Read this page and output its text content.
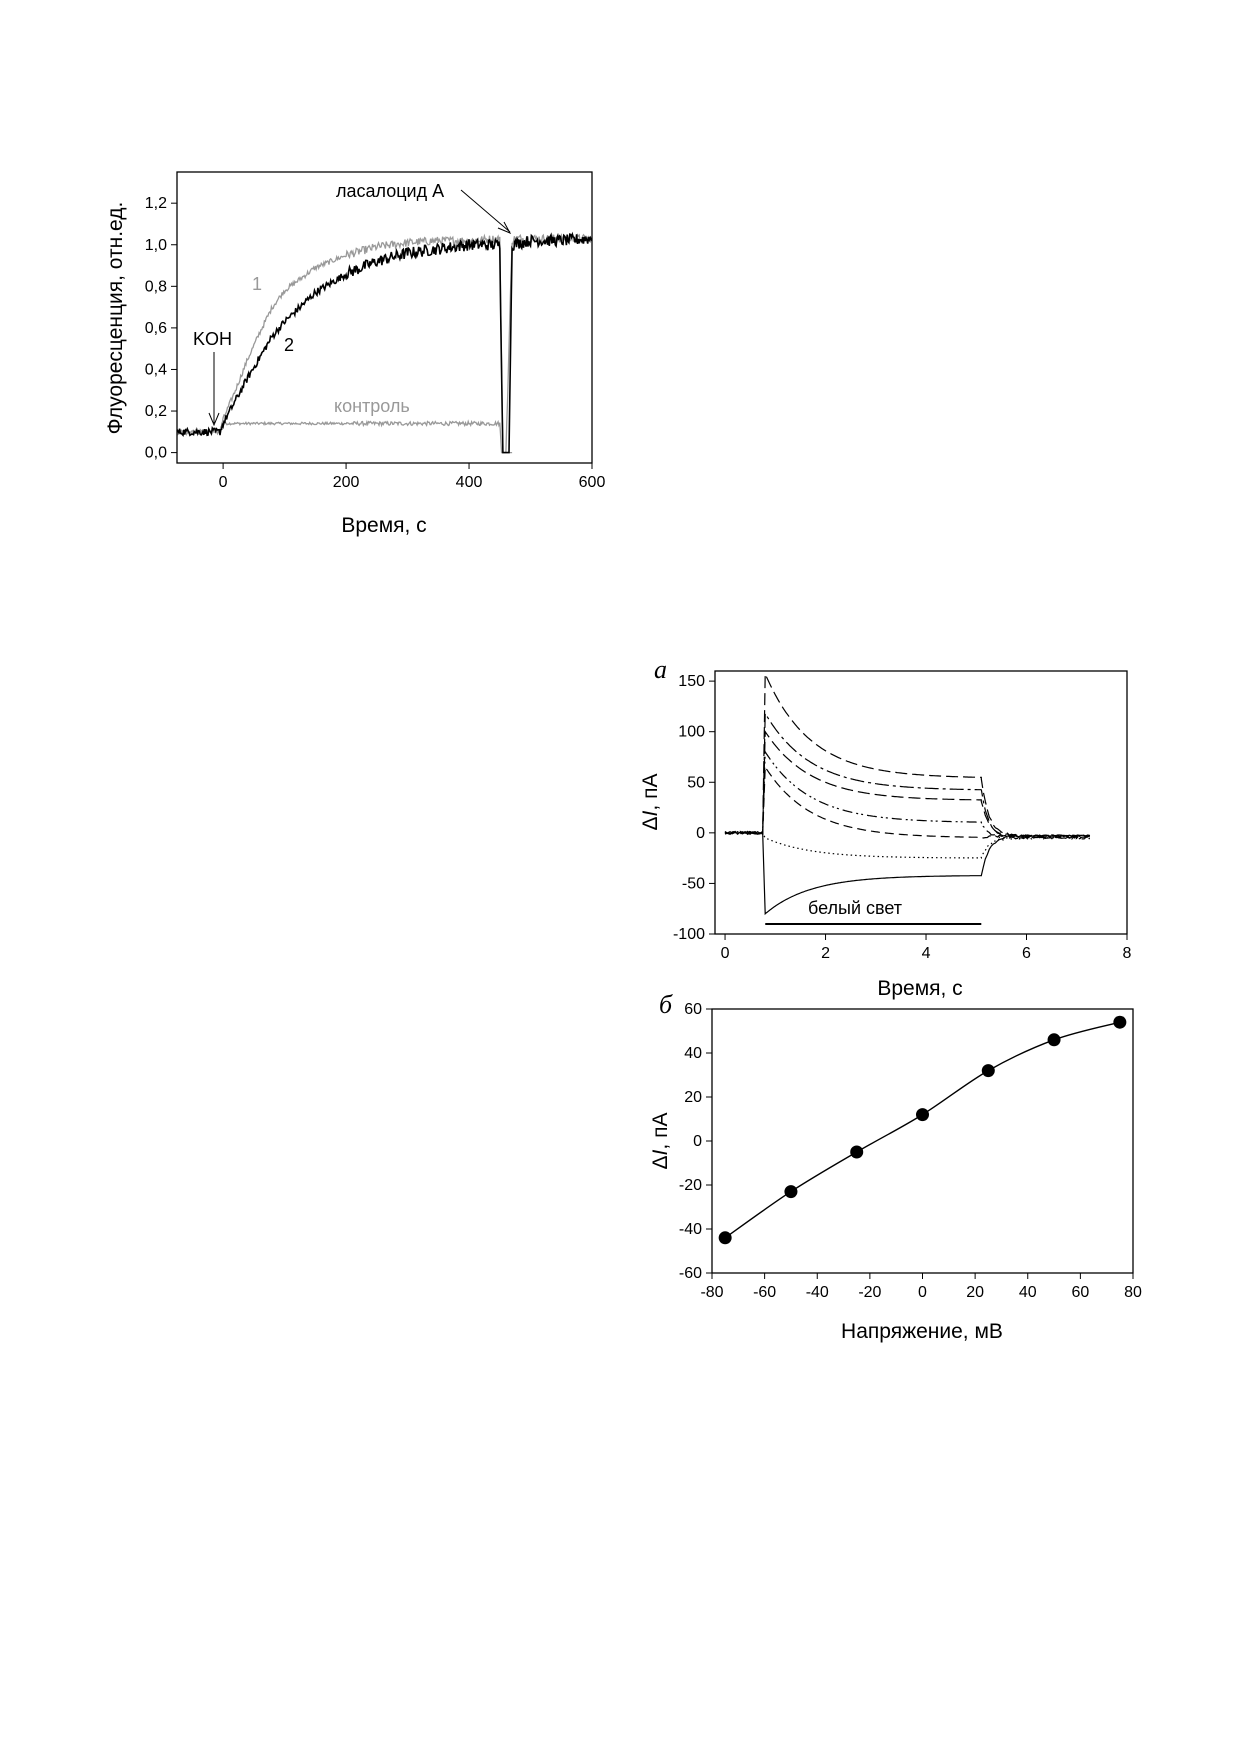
0	200	400	600
0,0
0,2
0,4
0,6
0,8
1,0
1,2
Время, с
Флуоресценция, отн.ед.	1
2
контроль
KOH
ласалоцид А
а
0	2	4	6	8
-100
-50
0
50
100
150
белый свет
Время, с
ΔI, пА
б
-80 -60 -40 -20 0 20 40 60 80
-60
-40
-20
0
20
40
60
Напряжение, мВ
ΔI, пА
